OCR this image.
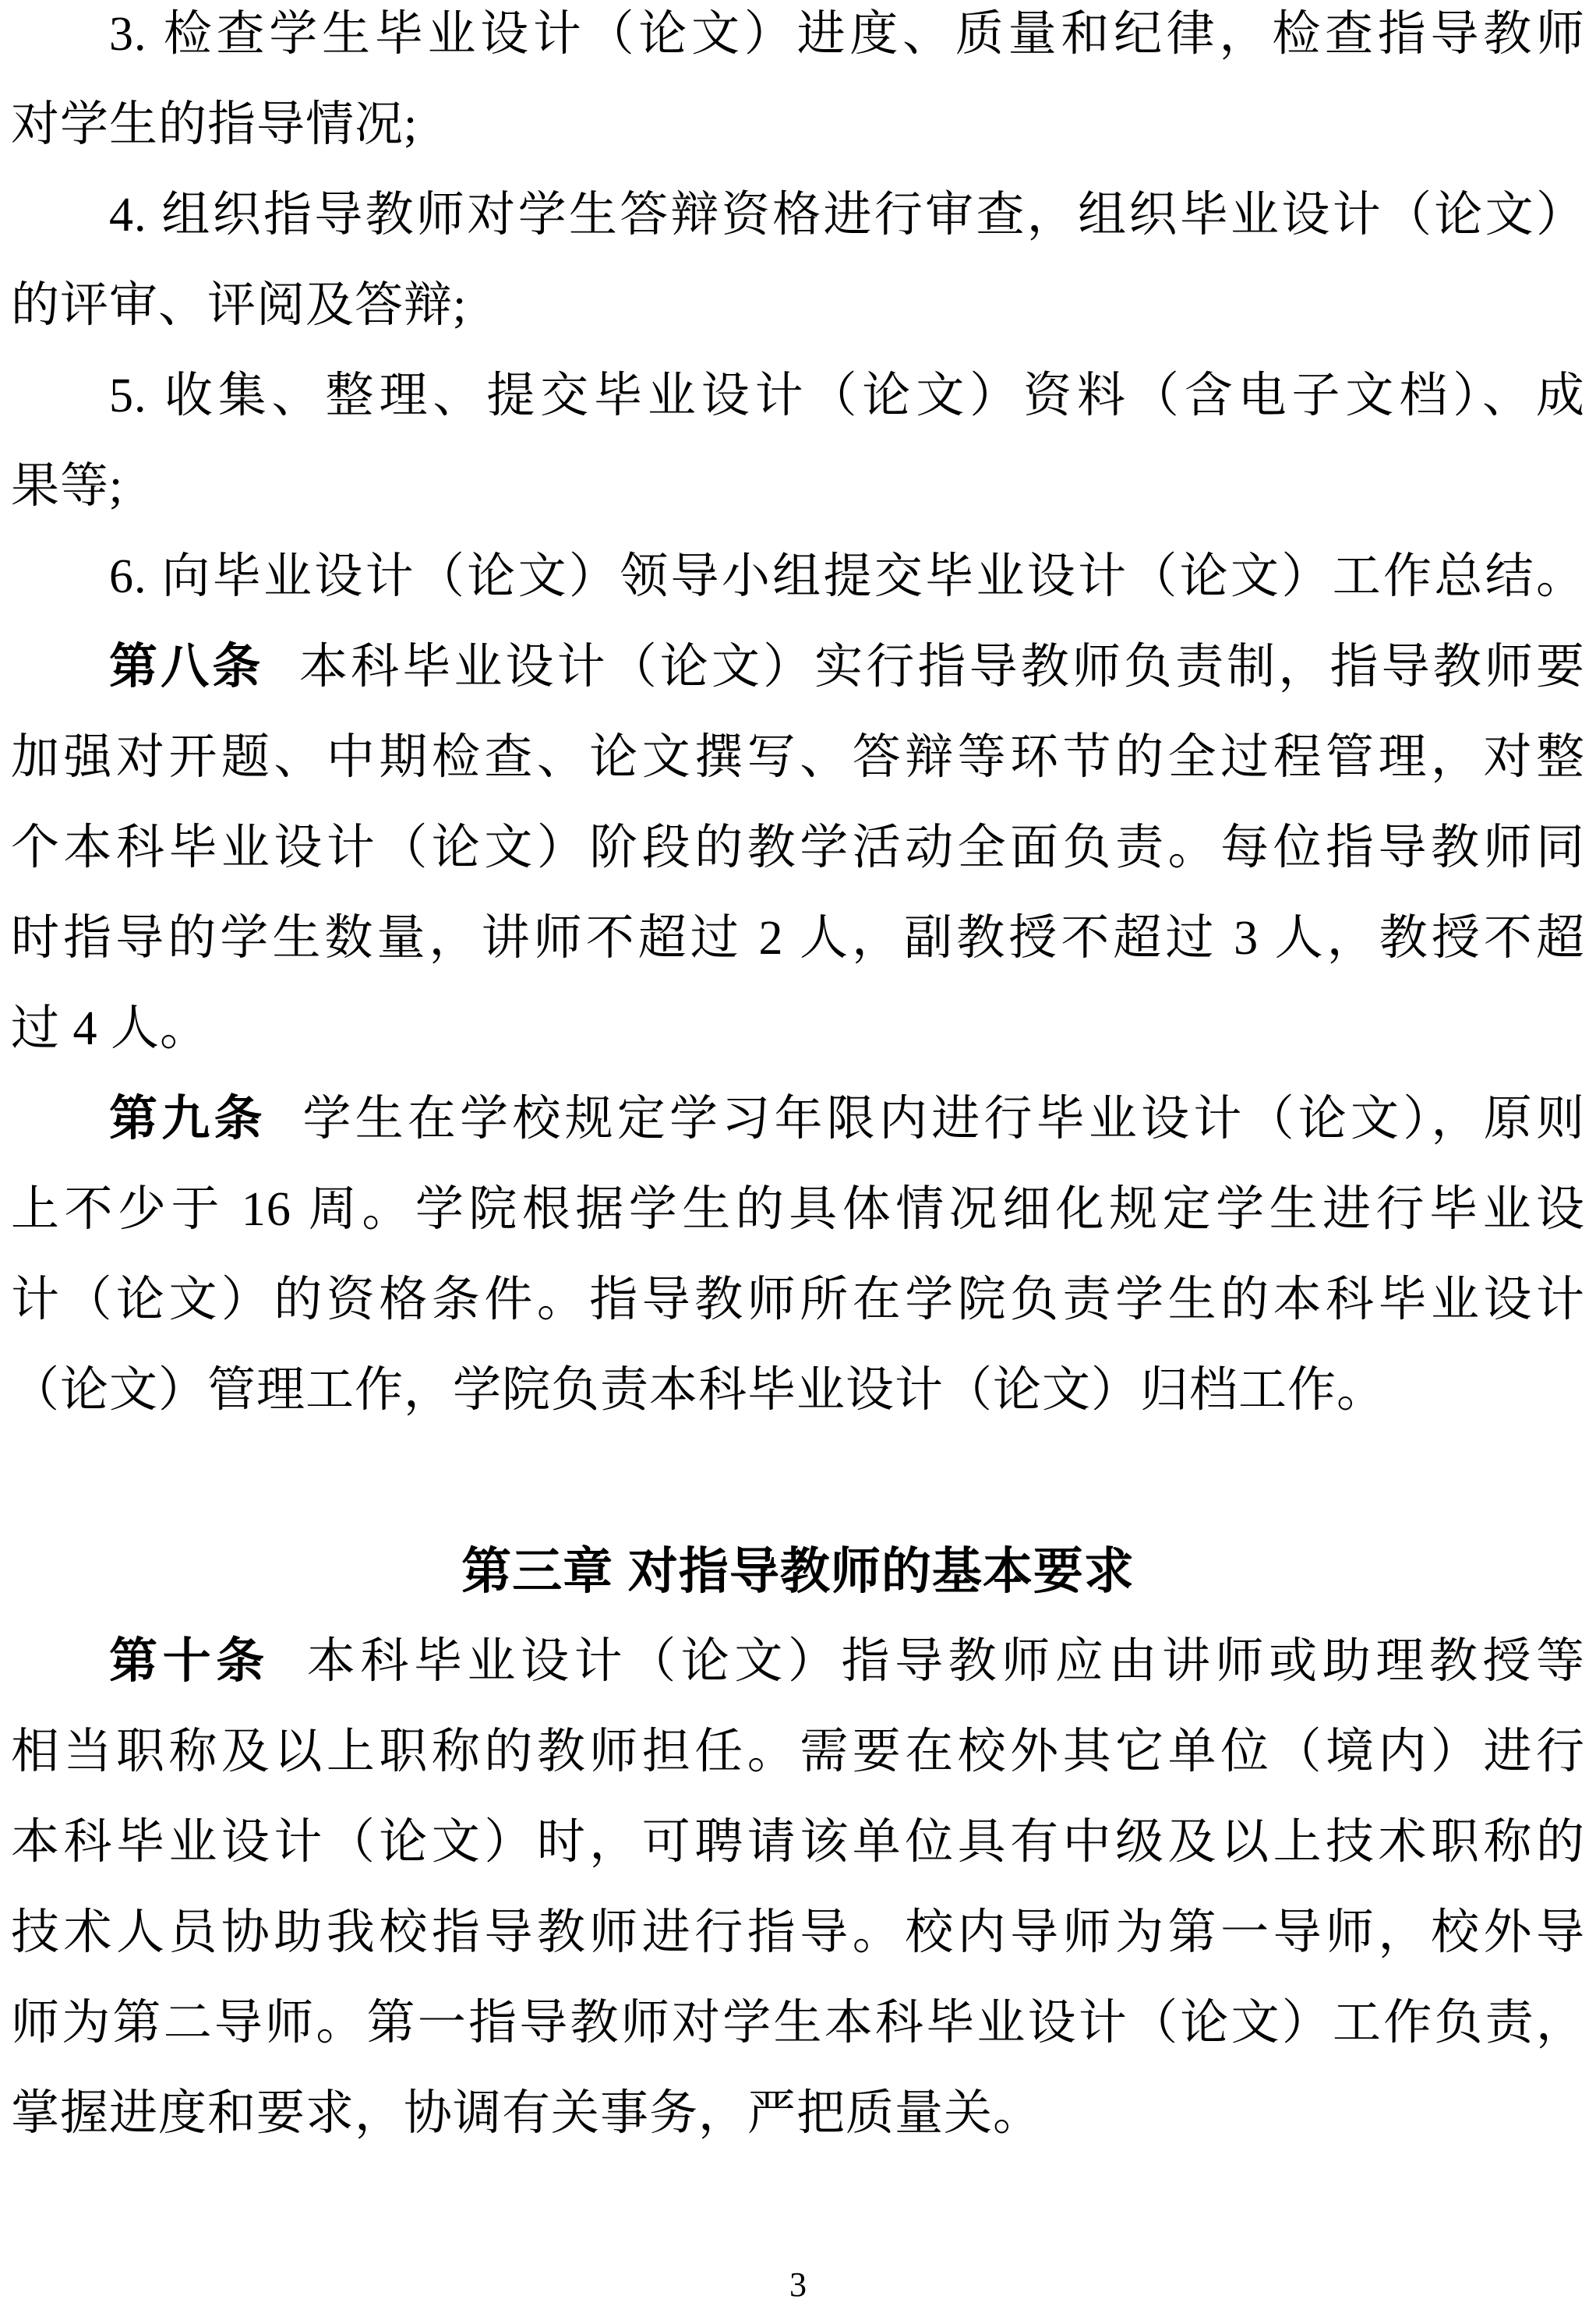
3. 检查学生毕业设计（论文）进度、质量和纪律，检查指导教师
对学生的指导情况;
4. 组织指导教师对学生答辩资格进行审查，组织毕业设计（论文）
的评审、评阅及答辩;
5. 收集、整理、提交毕业设计（论文）资料（含电子文档）、成
果等;
6. 向毕业设计（论文）领导小组提交毕业设计（论文）工作总结。
第八条 本科毕业设计（论文）实行指导教师负责制，指导教师要
加强对开题、中期检查、论文撰写、答辩等环节的全过程管理，对整
个本科毕业设计（论文）阶段的教学活动全面负责。每位指导教师同
时指导的学生数量，讲师不超过 2 人，副教授不超过 3 人，教授不超
过 4 人。
第九条 学生在学校规定学习年限内进行毕业设计（论文），原则
上不少于 16 周。学院根据学生的具体情况细化规定学生进行毕业设
计（论文）的资格条件。指导教师所在学院负责学生的本科毕业设计
（论文）管理工作，学院负责本科毕业设计（论文）归档工作。
第三章 对指导教师的基本要求
第十条 本科毕业设计（论文）指导教师应由讲师或助理教授等
相当职称及以上职称的教师担任。需要在校外其它单位（境内）进行
本科毕业设计（论文）时，可聘请该单位具有中级及以上技术职称的
技术人员协助我校指导教师进行指导。校内导师为第一导师，校外导
师为第二导师。第一指导教师对学生本科毕业设计（论文）工作负责，
掌握进度和要求，协调有关事务，严把质量关。
3
